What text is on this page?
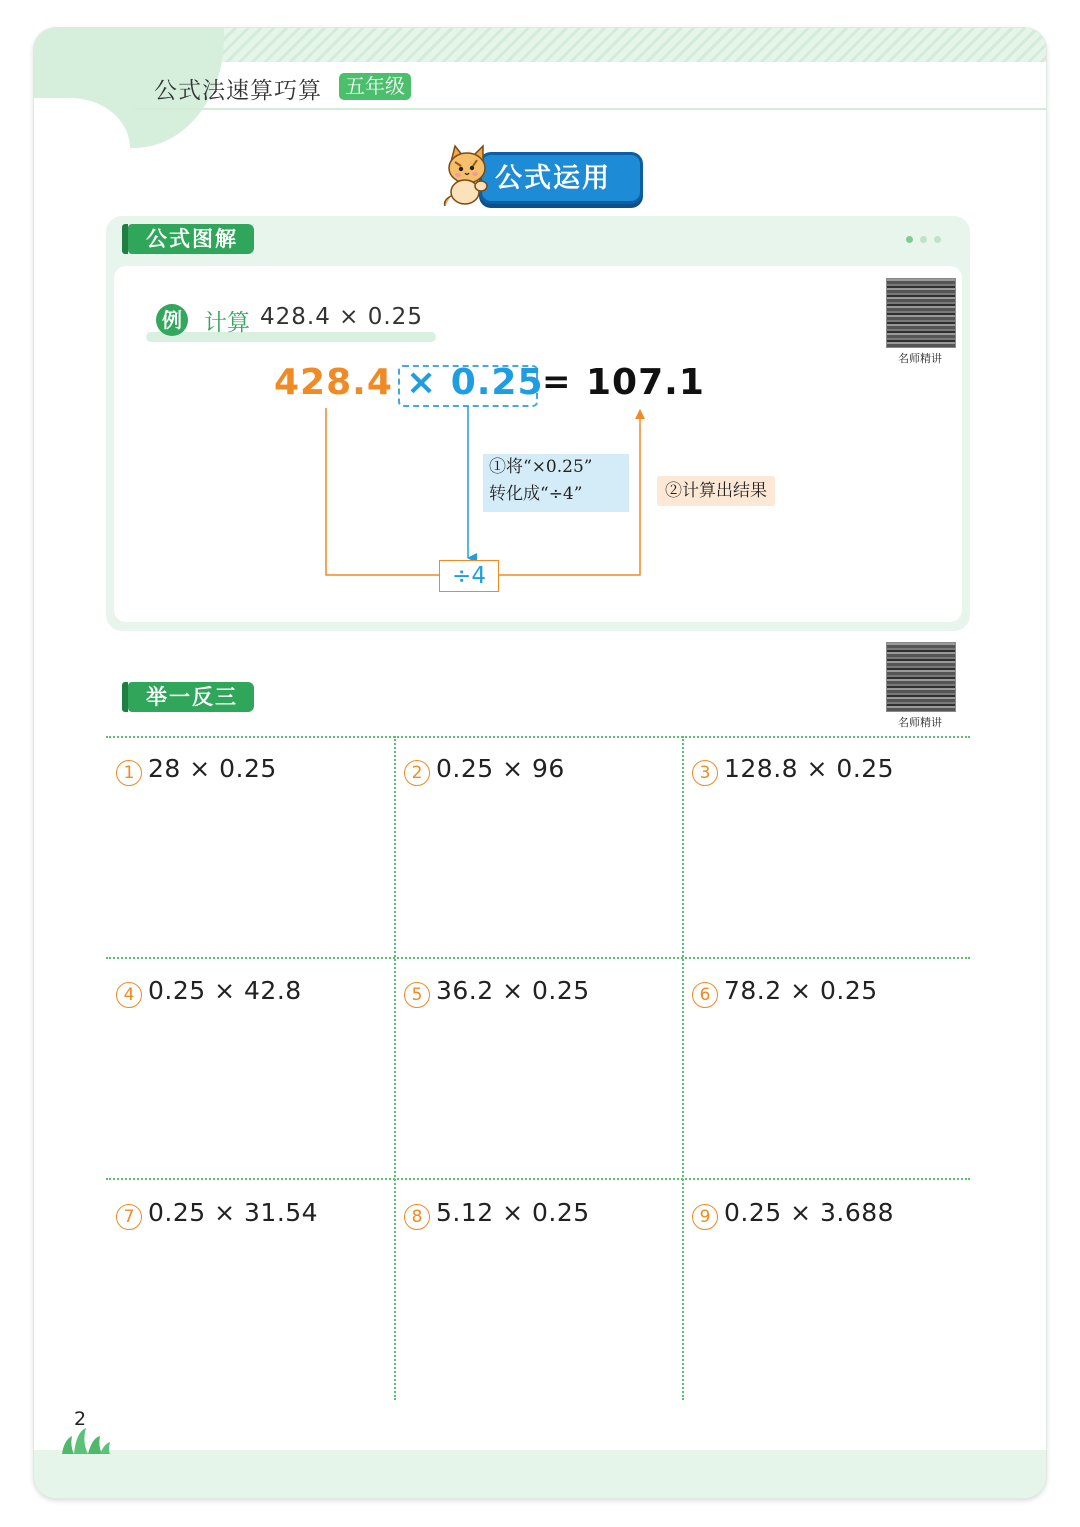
公式法速算巧算	五年级
公式运用
公式图解
名师精讲
例 计算 428.4 × 0.25
428.4 × 0.25
= 107.1
①将“×0.25”
转化成“÷4”	②计算出结果
÷4
举一反三
名师精讲
1 28 × 0.25	2 0.25 × 96	3 128.8 × 0.25
4 0.25 × 42.8	5 36.2 × 0.25	6 78.2 × 0.25
7 0.25 × 31.54	8 5.12 × 0.25	9 0.25 × 3.688
2
